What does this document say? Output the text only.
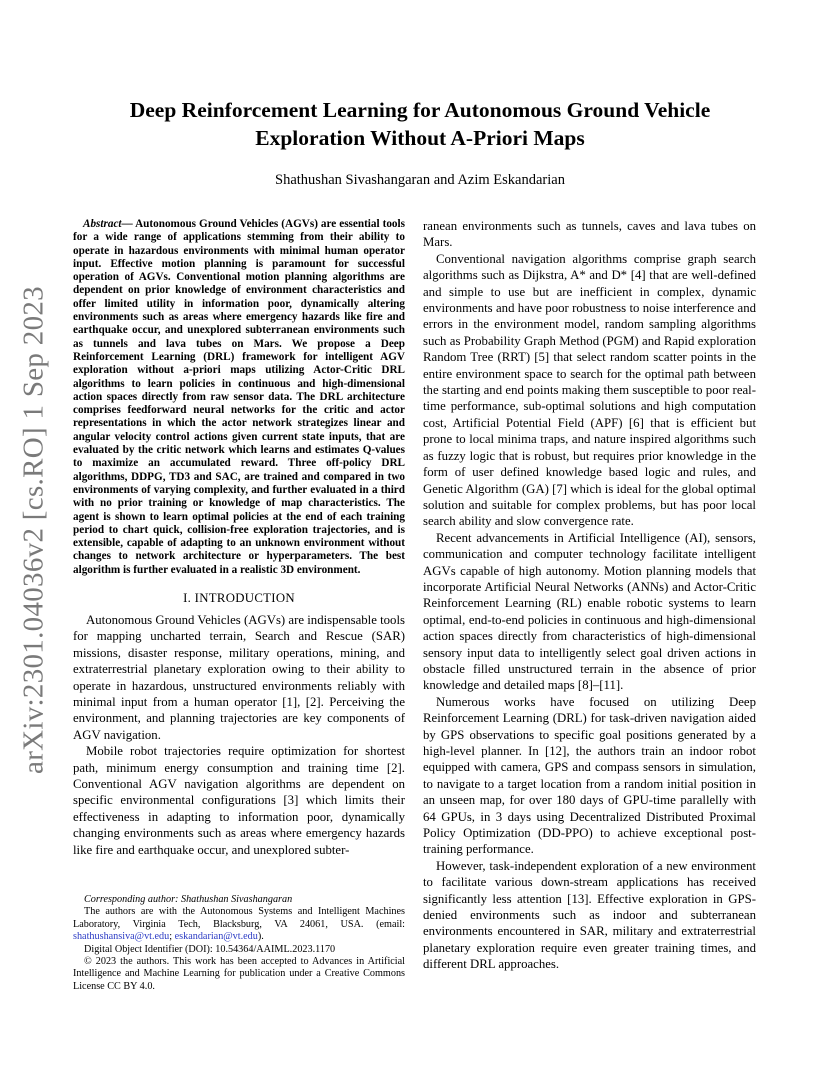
arXiv:2301.04036v2 [cs.RO] 1 Sep 2023
Deep Reinforcement Learning for Autonomous Ground Vehicle
Exploration Without A-Priori Maps
Shathushan Sivashangaran and Azim Eskandarian

Abstract— Autonomous Ground Vehicles (AGVs) are essential tools for a wide range of applications stemming from their ability to operate in hazardous environments with minimal human operator input. Effective motion planning is paramount for successful operation of AGVs. Conventional motion planning algorithms are dependent on prior knowledge of environment characteristics and offer limited utility in information poor, dynamically altering environments such as areas where emergency hazards like fire and earthquake occur, and unexplored subterranean environments such as tunnels and lava tubes on Mars. We propose a Deep Reinforcement Learning (DRL) framework for intelligent AGV exploration without a-priori maps utilizing Actor-Critic DRL algorithms to learn policies in continuous and high-dimensional action spaces directly from raw sensor data. The DRL architecture comprises feedforward neural networks for the critic and actor representations in which the actor network strategizes linear and angular velocity control actions given current state inputs, that are evaluated by the critic network which learns and estimates Q-values to maximize an accumulated reward. Three off-policy DRL algorithms, DDPG, TD3 and SAC, are trained and compared in two environments of varying complexity, and further evaluated in a third with no prior training or knowledge of map characteristics. The agent is shown to learn optimal policies at the end of each training period to chart quick, collision-free exploration trajectories, and is extensible, capable of adapting to an unknown environment without changes to network architecture or hyperparameters. The best algorithm is further evaluated in a realistic 3D environment.

I. INTRODUCTION

Autonomous Ground Vehicles (AGVs) are indispensable tools for mapping uncharted terrain, Search and Rescue (SAR) missions, disaster response, military operations, mining, and extraterrestrial planetary exploration owing to their ability to operate in hazardous, unstructured environments reliably with minimal input from a human operator [1], [2]. Perceiving the environment, and planning trajectories are key components of AGV navigation.

Mobile robot trajectories require optimization for shortest path, minimum energy consumption and training time [2]. Conventional AGV navigation algorithms are dependent on specific environmental configurations [3] which limits their effectiveness in adapting to information poor, dynamically changing environments such as areas where emergency hazards like fire and earthquake occur, and unexplored subter-

ranean environments such as tunnels, caves and lava tubes on Mars.

Conventional navigation algorithms comprise graph search algorithms such as Dijkstra, A* and D* [4] that are well-defined and simple to use but are inefficient in complex, dynamic environments and have poor robustness to noise interference and errors in the environment model, random sampling algorithms such as Probability Graph Method (PGM) and Rapid exploration Random Tree (RRT) [5] that select random scatter points in the entire environment space to search for the optimal path between the starting and end points making them susceptible to poor real-time performance, sub-optimal solutions and high computation cost, Artificial Potential Field (APF) [6] that is efficient but prone to local minima traps, and nature inspired algorithms such as fuzzy logic that is robust, but requires prior knowledge in the form of user defined knowledge based logic and rules, and Genetic Algorithm (GA) [7] which is ideal for the global optimal solution and suitable for complex problems, but has poor local search ability and slow convergence rate.

Recent advancements in Artificial Intelligence (AI), sensors, communication and computer technology facilitate intelligent AGVs capable of high autonomy. Motion planning models that incorporate Artificial Neural Networks (ANNs) and Actor-Critic Reinforcement Learning (RL) enable robotic systems to learn optimal, end-to-end policies in continuous and high-dimensional action spaces directly from characteristics of high-dimensional sensory input data to intelligently select goal driven actions in obstacle filled unstructured terrain in the absence of prior knowledge and detailed maps [8]–[11].

Numerous works have focused on utilizing Deep Reinforcement Learning (DRL) for task-driven navigation aided by GPS observations to specific goal positions generated by a high-level planner. In [12], the authors train an indoor robot equipped with camera, GPS and compass sensors in simulation, to navigate to a target location from a random initial position in an unseen map, for over 180 days of GPU-time parallelly with 64 GPUs, in 3 days using Decentralized Distributed Proximal Policy Optimization (DD-PPO) to achieve exceptional post-training performance.

However, task-independent exploration of a new environment to facilitate various down-stream applications has received significantly less attention [13]. Effective exploration in GPS-denied environments such as indoor and subterranean environments encountered in SAR, military and extraterrestrial planetary exploration require even greater training times, and different DRL approaches.

Corresponding author: Shathushan Sivashangaran

The authors are with the Autonomous Systems and Intelligent Machines Laboratory, Virginia Tech, Blacksburg, VA 24061, USA. (email: shathushansiva@vt.edu; eskandarian@vt.edu).

Digital Object Identifier (DOI): 10.54364/AAIML.2023.1170

© 2023 the authors. This work has been accepted to Advances in Artificial Intelligence and Machine Learning for publication under a Creative Commons License CC BY 4.0.
